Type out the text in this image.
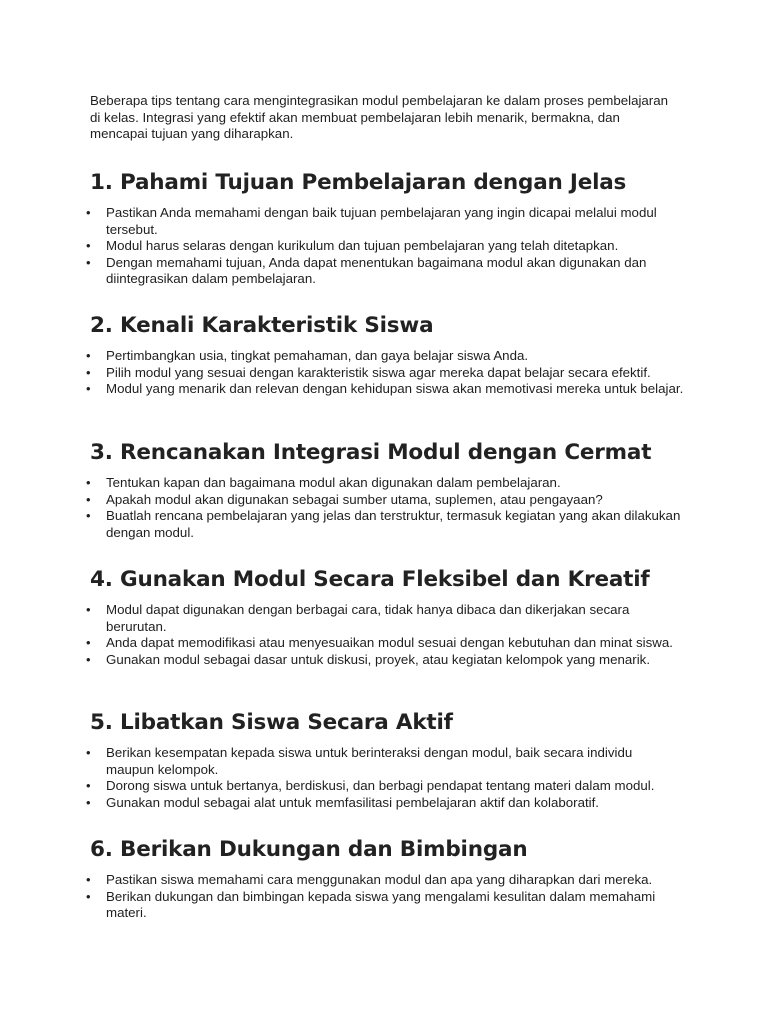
Beberapa tips tentang cara mengintegrasikan modul pembelajaran ke dalam proses pembelajaran di kelas. Integrasi yang efektif akan membuat pembelajaran lebih menarik, bermakna, dan mencapai tujuan yang diharapkan.

1. Pahami Tujuan Pembelajaran dengan Jelas
•	Pastikan Anda memahami dengan baik tujuan pembelajaran yang ingin dicapai melalui modul tersebut.
•	Modul harus selaras dengan kurikulum dan tujuan pembelajaran yang telah ditetapkan.
•	Dengan memahami tujuan, Anda dapat menentukan bagaimana modul akan digunakan dan diintegrasikan dalam pembelajaran.
2. Kenali Karakteristik Siswa
•	Pertimbangkan usia, tingkat pemahaman, dan gaya belajar siswa Anda.
•	Pilih modul yang sesuai dengan karakteristik siswa agar mereka dapat belajar secara efektif.
•	Modul yang menarik dan relevan dengan kehidupan siswa akan memotivasi mereka untuk belajar.
3. Rencanakan Integrasi Modul dengan Cermat
•	Tentukan kapan dan bagaimana modul akan digunakan dalam pembelajaran.
•	Apakah modul akan digunakan sebagai sumber utama, suplemen, atau pengayaan?
•	Buatlah rencana pembelajaran yang jelas dan terstruktur, termasuk kegiatan yang akan dilakukan dengan modul.
4. Gunakan Modul Secara Fleksibel dan Kreatif
•	Modul dapat digunakan dengan berbagai cara, tidak hanya dibaca dan dikerjakan secara berurutan.
•	Anda dapat memodifikasi atau menyesuaikan modul sesuai dengan kebutuhan dan minat siswa.
•	Gunakan modul sebagai dasar untuk diskusi, proyek, atau kegiatan kelompok yang menarik.
5. Libatkan Siswa Secara Aktif
•	Berikan kesempatan kepada siswa untuk berinteraksi dengan modul, baik secara individu maupun kelompok.
•	Dorong siswa untuk bertanya, berdiskusi, dan berbagi pendapat tentang materi dalam modul.
•	Gunakan modul sebagai alat untuk memfasilitasi pembelajaran aktif dan kolaboratif.
6. Berikan Dukungan dan Bimbingan
•	Pastikan siswa memahami cara menggunakan modul dan apa yang diharapkan dari mereka.
•	Berikan dukungan dan bimbingan kepada siswa yang mengalami kesulitan dalam memahami materi.
